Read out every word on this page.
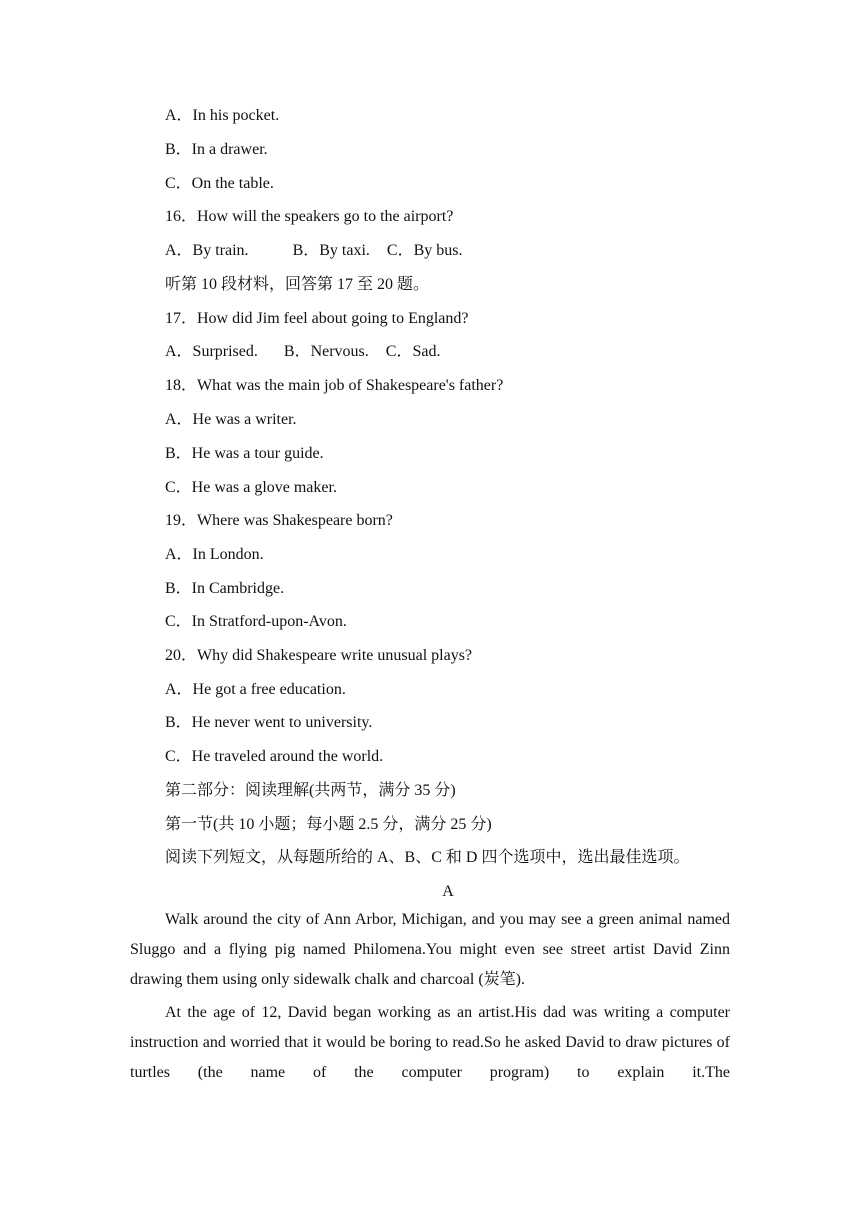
A．In his pocket.
B．In a drawer.
C．On the table.
16．How will the speakers go to the airport?
A．By train.	B．By taxi. C．By bus.
听第 10 段材料，回答第 17 至 20 题。
17．How did Jim feel about going to England?
A．Surprised. B．Nervous. C．Sad.
18．What was the main job of Shakespeare's father?
A．He was a writer.
B．He was a tour guide.
C．He was a glove maker.
19．Where was Shakespeare born?
A．In London.
B．In Cambridge.
C．In Stratford-upon-Avon.
20．Why did Shakespeare write unusual plays?
A．He got a free education.
B．He never went to university.
C．He traveled around the world.
第二部分：阅读理解(共两节，满分 35 分)
第一节(共 10 小题；每小题 2.5 分，满分 25 分)
阅读下列短文，从每题所给的 A、B、C 和 D 四个选项中，选出最佳选项。
A
Walk around the city of Ann Arbor, Michigan, and you may see a green animal named Sluggo and a flying pig named Philomena.You might even see street artist David Zinn drawing them using only sidewalk chalk and charcoal (炭笔).
At the age of 12, David began working as an artist.His dad was writing a computer instruction and worried that it would be boring to read.So he asked David to draw pictures of turtles (the name of the computer program) to explain it.The
